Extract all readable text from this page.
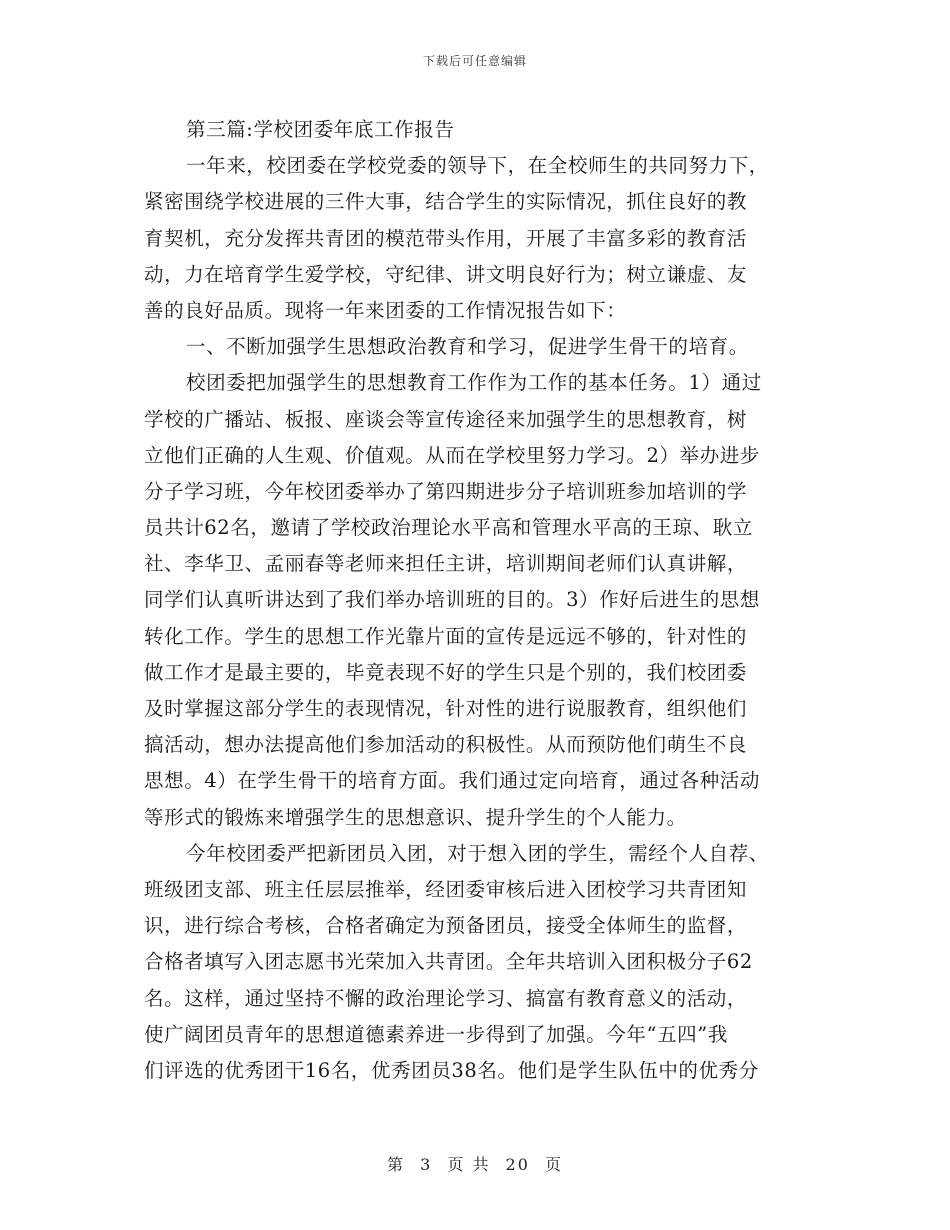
下载后可任意编辑
第三篇:学校团委年底工作报告
一年来，校团委在学校党委的领导下，在全校师生的共同努力下，
紧密围绕学校进展的三件大事，结合学生的实际情况，抓住良好的教
育契机，充分发挥共青团的模范带头作用，开展了丰富多彩的教育活
动，力在培育学生爱学校，守纪律、讲文明良好行为；树立谦虚、友
善的良好品质。现将一年来团委的工作情况报告如下：
一、不断加强学生思想政治教育和学习，促进学生骨干的培育。
校团委把加强学生的思想教育工作作为工作的基本任务。1）通过
学校的广播站、板报、座谈会等宣传途径来加强学生的思想教育，树
立他们正确的人生观、价值观。从而在学校里努力学习。2）举办进步
分子学习班，今年校团委举办了第四期进步分子培训班参加培训的学
员共计62名，邀请了学校政治理论水平高和管理水平高的王琼、耿立
社、李华卫、孟丽春等老师来担任主讲，培训期间老师们认真讲解，
同学们认真听讲达到了我们举办培训班的目的。3）作好后进生的思想
转化工作。学生的思想工作光靠片面的宣传是远远不够的，针对性的
做工作才是最主要的，毕竟表现不好的学生只是个别的，我们校团委
及时掌握这部分学生的表现情况，针对性的进行说服教育，组织他们
搞活动，想办法提高他们参加活动的积极性。从而预防他们萌生不良
思想。4）在学生骨干的培育方面。我们通过定向培育，通过各种活动
等形式的锻炼来增强学生的思想意识、提升学生的个人能力。
今年校团委严把新团员入团，对于想入团的学生，需经个人自荐、
班级团支部、班主任层层推举，经团委审核后进入团校学习共青团知
识，进行综合考核，合格者确定为预备团员，接受全体师生的监督，
合格者填写入团志愿书光荣加入共青团。全年共培训入团积极分子62
名。这样，通过坚持不懈的政治理论学习、搞富有教育意义的活动，
使广阔团员青年的思想道德素养进一步得到了加强。今年“五四”我
们评选的优秀团干16名，优秀团员38名。他们是学生队伍中的优秀分
第 3 页 共 20 页
